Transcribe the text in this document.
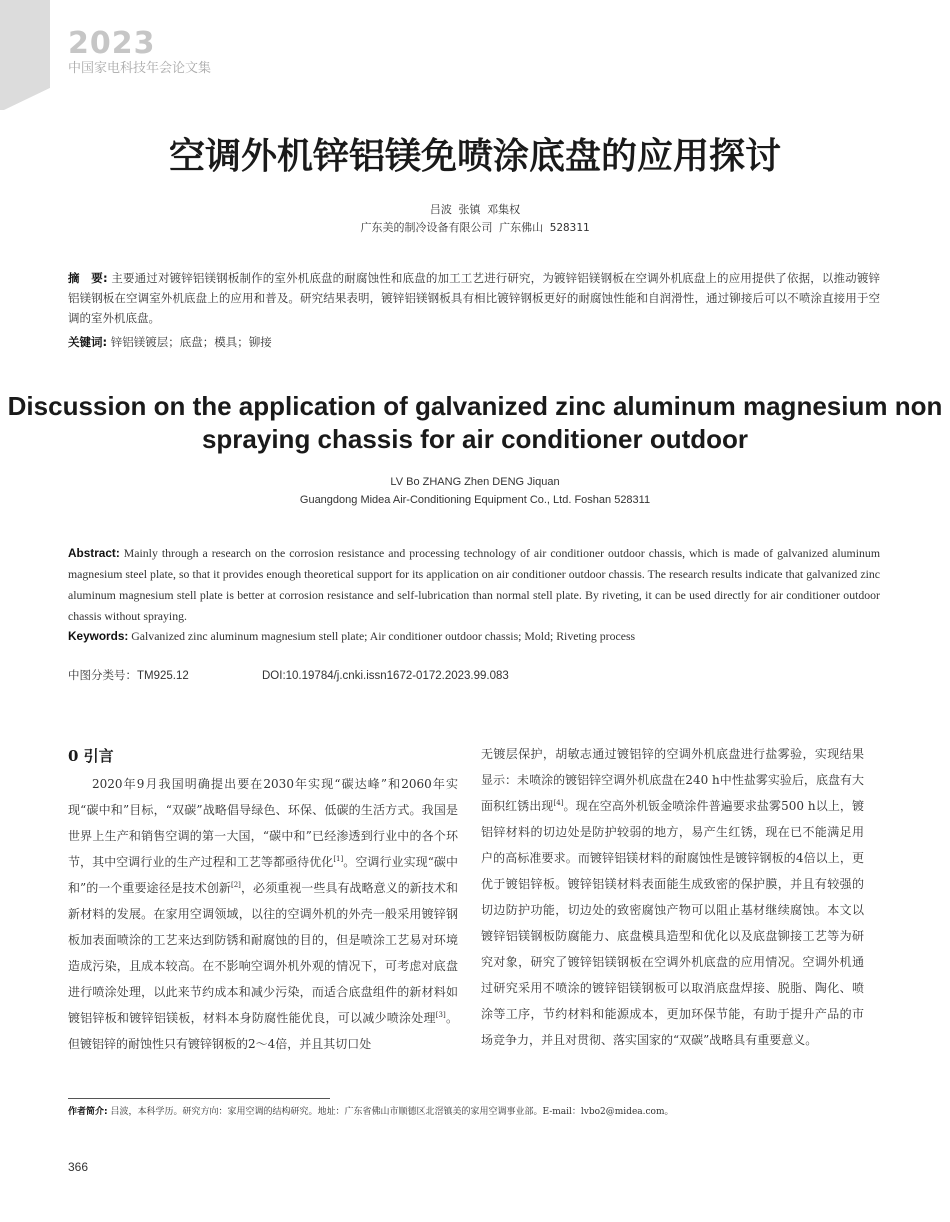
2023
中国家电科技年会论文集
空调外机锌铝镁免喷涂底盘的应用探讨
吕波 张镇 邓集权
广东美的制冷设备有限公司 广东佛山 528311
摘　要: 主要通过对镀锌铝镁钢板制作的室外机底盘的耐腐蚀性和底盘的加工工艺进行研究，为镀锌铝镁钢板在空调外机底盘上的应用提供了依据，以推动镀锌铝镁钢板在空调室外机底盘上的应用和普及。研究结果表明，镀锌铝镁钢板具有相比镀锌钢板更好的耐腐蚀性能和自润滑性，通过铆接后可以不喷涂直接用于空调的室外机底盘。
关键词: 锌铝镁镀层；底盘；模具；铆接
Discussion on the application of galvanized zinc aluminum magnesium non spraying chassis for air conditioner outdoor
LV Bo ZHANG Zhen DENG Jiquan
Guangdong Midea Air-Conditioning Equipment Co., Ltd. Foshan 528311
Abstract: Mainly through a research on the corrosion resistance and processing technology of air conditioner outdoor chassis, which is made of galvanized aluminum magnesium steel plate, so that it provides enough theoretical support for its application on air conditioner outdoor chassis. The research results indicate that galvanized zinc aluminum magnesium stell plate is better at corrosion resistance and self-lubrication than normal stell plate. By riveting, it can be used directly for air conditioner outdoor chassis without spraying.
Keywords: Galvanized zinc aluminum magnesium stell plate; Air conditioner outdoor chassis; Mold; Riveting process
中图分类号：TM925.12	DOI:10.19784/j.cnki.issn1672-0172.2023.99.083
0 引言

2020年9月我国明确提出要在2030年实现“碳达峰”和2060年实现“碳中和”目标，“双碳”战略倡导绿色、环保、低碳的生活方式。我国是世界上生产和销售空调的第一大国，“碳中和”已经渗透到行业中的各个环节，其中空调行业的生产过程和工艺等都亟待优化[1]。空调行业实现“碳中和”的一个重要途径是技术创新[2]，必须重视一些具有战略意义的新技术和新材料的发展。在家用空调领域，以往的空调外机的外壳一般采用镀锌钢板加表面喷涂的工艺来达到防锈和耐腐蚀的目的，但是喷涂工艺易对环境造成污染，且成本较高。在不影响空调外机外观的情况下，可考虑对底盘进行喷涂处理，以此来节约成本和减少污染，而适合底盘组件的新材料如镀铝锌板和镀锌铝镁板，材料本身防腐性能优良，可以减少喷涂处理[3]。但镀铝锌的耐蚀性只有镀锌钢板的2～4倍，并且其切口处

无镀层保护，胡敏志通过镀铝锌的空调外机底盘进行盐雾验，实现结果显示：未喷涂的镀铝锌空调外机底盘在240 h中性盐雾实验后，底盘有大面积红锈出现[4]。现在空高外机钣金喷涂件普遍要求盐雾500 h以上，镀铝锌材料的切边处是防护较弱的地方，易产生红锈，现在已不能满足用户的高标准要求。而镀锌铝镁材料的耐腐蚀性是镀锌钢板的4倍以上，更优于镀铝锌板。镀锌铝镁材料表面能生成致密的保护膜，并且有较强的切边防护功能，切边处的致密腐蚀产物可以阻止基材继续腐蚀。本文以镀锌铝镁钢板防腐能力、底盘模具造型和优化以及底盘铆接工艺等为研究对象，研究了镀锌铝镁钢板在空调外机底盘的应用情况。空调外机通过研究采用不喷涂的镀锌铝镁钢板可以取消底盘焊接、脱脂、陶化、喷涂等工序，节约材料和能源成本，更加环保节能，有助于提升产品的市场竞争力，并且对贯彻、落实国家的“双碳”战略具有重要意义。

作者简介: 吕波，本科学历。研究方向：家用空调的结构研究。地址：广东省佛山市顺德区北滘镇美的家用空调事业部。E-mail：lvbo2@midea.com。
366
